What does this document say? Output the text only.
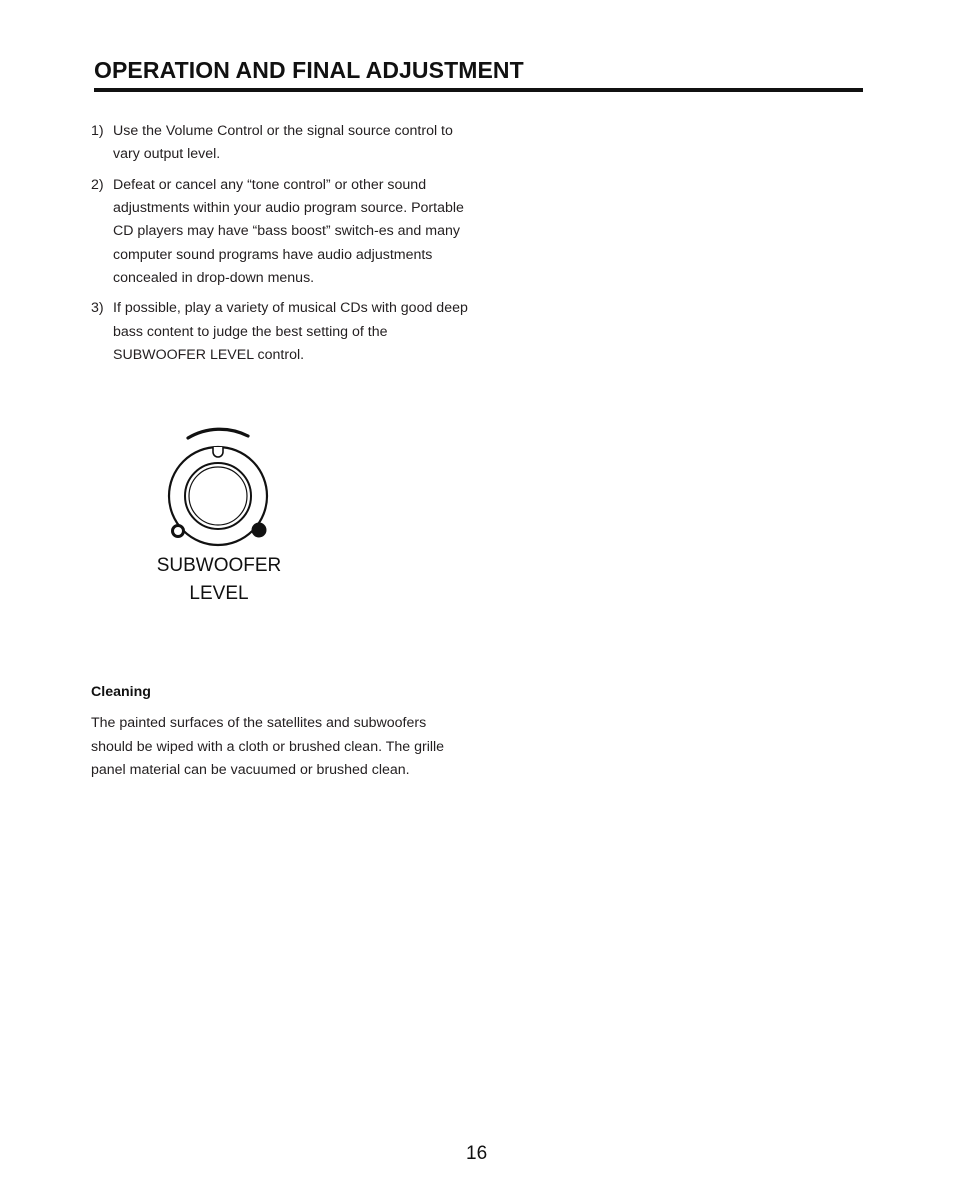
OPERATION AND FINAL ADJUSTMENT
1) Use the Volume Control or the signal source control to vary output level.
2) Defeat or cancel any “tone control” or other sound adjustments within your audio program source. Portable CD players may have “bass boost” switch-es and many computer sound programs have audio adjustments concealed in drop-down menus.
3) If possible, play a variety of musical CDs with good deep bass content to judge the best setting of the SUBWOOFER LEVEL control.
SUBWOOFER
LEVEL
Cleaning

The painted surfaces of the satellites and subwoofers should be wiped with a cloth or brushed clean. The grille panel material can be vacuumed or brushed clean.

16
